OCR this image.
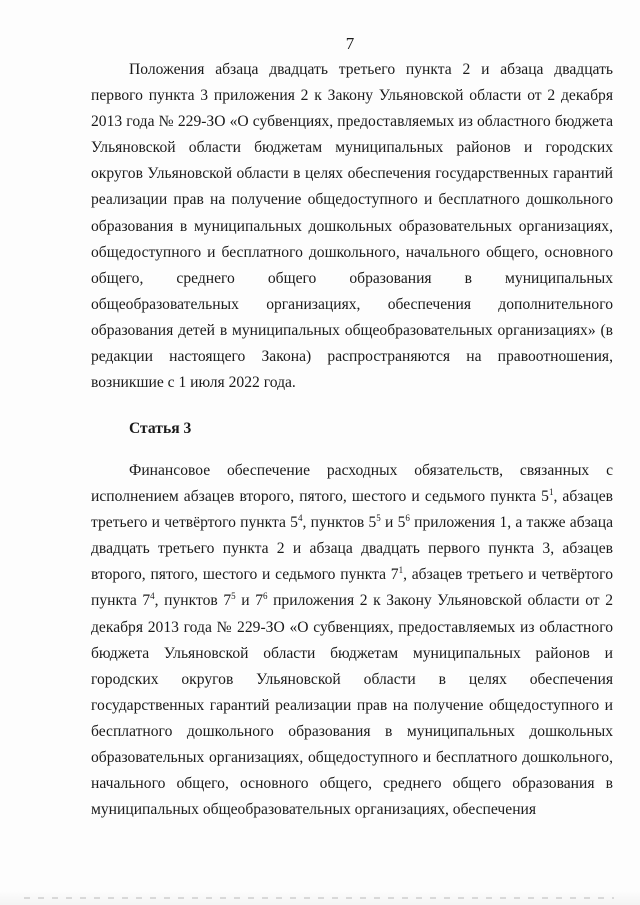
7
Положения абзаца двадцать третьего пункта 2 и абзаца двадцать первого пункта 3 приложения 2 к Закону Ульяновской области от 2 декабря 2013 года № 229-ЗО «О субвенциях, предоставляемых из областного бюджета Ульяновской области бюджетам муниципальных районов и городских округов Ульяновской области в целях обеспечения государственных гарантий реализации прав на получение общедоступного и бесплатного дошкольного образования в муниципальных дошкольных образовательных организациях, общедоступного и бесплатного дошкольного, начального общего, основного общего, среднего общего образования в муниципальных общеобразовательных организациях, обеспечения дополнительного образования детей в муниципальных общеобразовательных организациях» (в редакции настоящего Закона) распространяются на правоотношения, возникшие с 1 июля 2022 года.
Статья 3
Финансовое обеспечение расходных обязательств, связанных с исполнением абзацев второго, пятого, шестого и седьмого пункта $5^1$, абзацев третьего и четвёртого пункта $5^4$, пунктов $5^5$ и $5^6$ приложения 1, а также абзаца двадцать третьего пункта 2 и абзаца двадцать первого пункта 3, абзацев второго, пятого, шестого и седьмого пункта $7^1$, абзацев третьего и четвёртого пункта $7^4$, пунктов $7^5$ и $7^6$ приложения 2 к Закону Ульяновской области от 2 декабря 2013 года № 229-ЗО «О субвенциях, предоставляемых из областного бюджета Ульяновской области бюджетам муниципальных районов и городских округов Ульяновской области в целях обеспечения государственных гарантий реализации прав на получение общедоступного и бесплатного дошкольного образования в муниципальных дошкольных образовательных организациях, общедоступного и бесплатного дошкольного, начального общего, основного общего, среднего общего образования в муниципальных общеобразовательных организациях, обеспечения
